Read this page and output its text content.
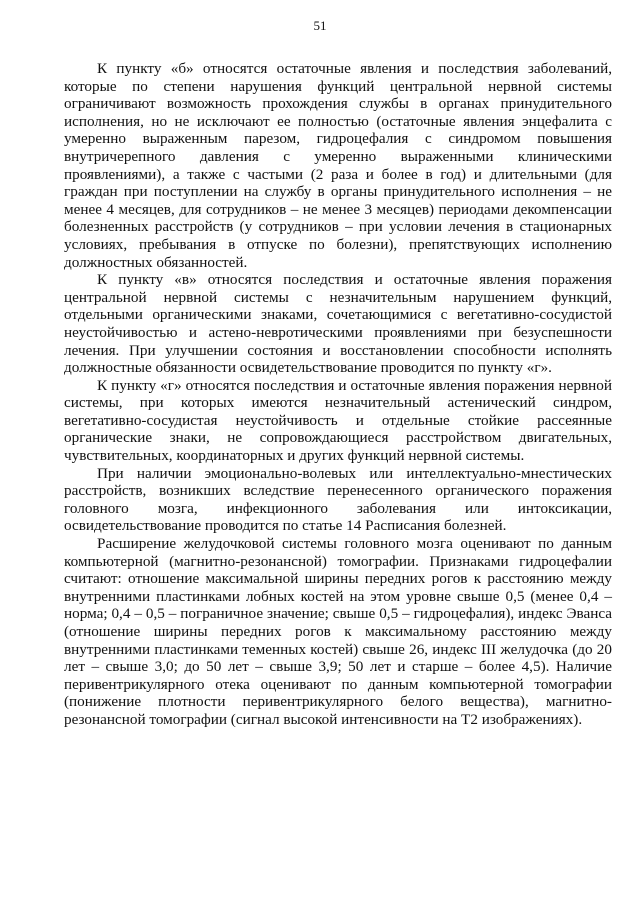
51

К пункту «б» относятся остаточные явления и последствия заболеваний, которые по степени нарушения функций центральной нервной системы ограничивают возможность прохождения службы в органах принудительного исполнения, но не исключают ее полностью (остаточные явления энцефалита с умеренно выраженным парезом, гидроцефалия с синдромом повышения внутричерепного давления с умеренно выраженными клиническими проявлениями), а также с частыми (2 раза и более в год) и длительными (для граждан при поступлении на службу в органы принудительного исполнения – не менее 4 месяцев, для сотрудников – не менее 3 месяцев) периодами декомпенсации болезненных расстройств (у сотрудников – при условии лечения в стационарных условиях, пребывания в отпуске по болезни), препятствующих исполнению должностных обязанностей.

К пункту «в» относятся последствия и остаточные явления поражения центральной нервной системы с незначительным нарушением функций, отдельными органическими знаками, сочетающимися с вегетативно-сосудистой неустойчивостью и астено-невротическими проявлениями при безуспешности лечения. При улучшении состояния и восстановлении способности исполнять должностные обязанности освидетельствование проводится по пункту «г».

К пункту «г» относятся последствия и остаточные явления поражения нервной системы, при которых имеются незначительный астенический синдром, вегетативно-сосудистая неустойчивость и отдельные стойкие рассеянные органические знаки, не сопровождающиеся расстройством двигательных, чувствительных, координаторных и других функций нервной системы.

При наличии эмоционально-волевых или интеллектуально-мнестических расстройств, возникших вследствие перенесенного органического поражения головного мозга, инфекционного заболевания или интоксикации, освидетельствование проводится по статье 14 Расписания болезней.

Расширение желудочковой системы головного мозга оценивают по данным компьютерной (магнитно-резонансной) томографии. Признаками гидроцефалии считают: отношение максимальной ширины передних рогов к расстоянию между внутренними пластинками лобных костей на этом уровне свыше 0,5 (менее 0,4 – норма; 0,4 – 0,5 – пограничное значение; свыше 0,5 – гидроцефалия), индекс Эванса (отношение ширины передних рогов к максимальному расстоянию между внутренними пластинками теменных костей) свыше 26, индекс III желудочка (до 20 лет – свыше 3,0; до 50 лет – свыше 3,9; 50 лет и старше – более 4,5). Наличие перивентрикулярного отека оценивают по данным компьютерной томографии (понижение плотности перивентрикулярного белого вещества), магнитно-резонансной томографии (сигнал высокой интенсивности на Т2 изображениях).
